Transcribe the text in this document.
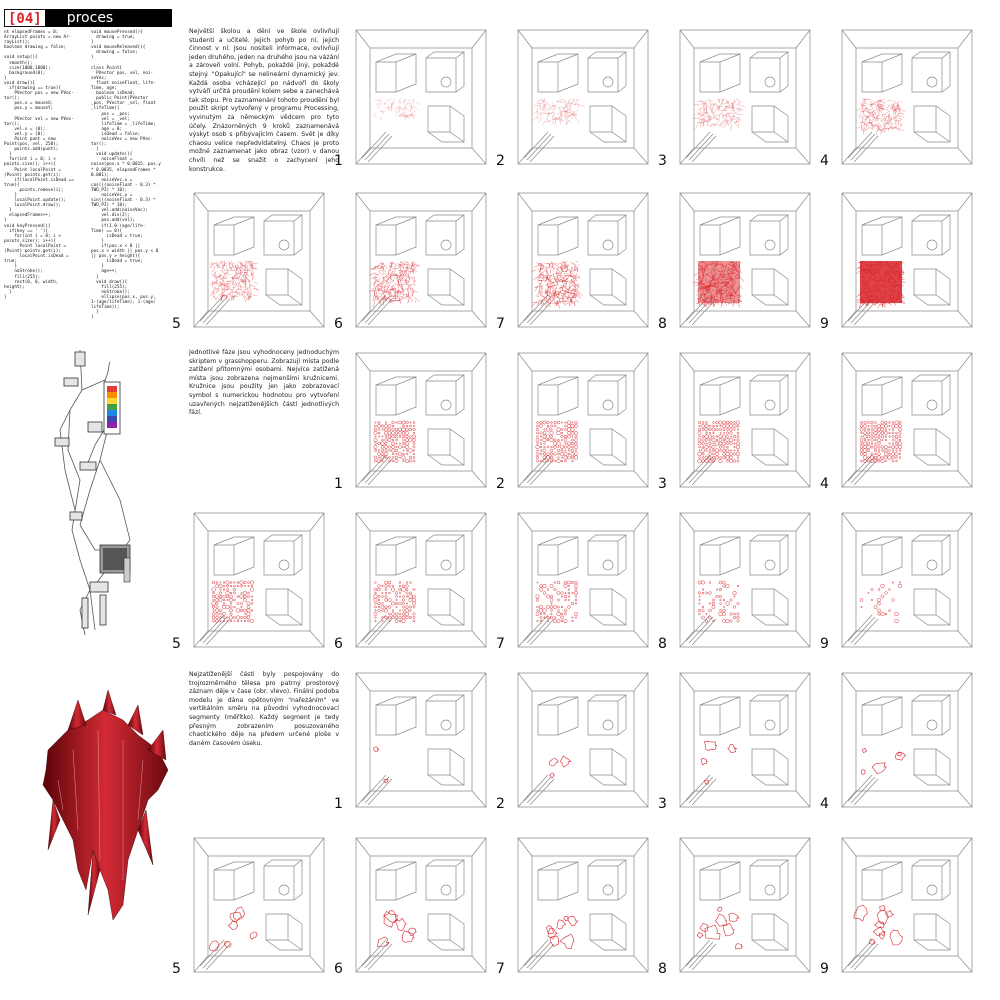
[04]	proces
nt elapsedFrames = 0;
ArrayList points = new Ar-
rayList();
boolean drawing = false;

void setup(){
smooth();
size(1000,1000);
background(0);
}
void draw(){
if(drawing == true){
PVector pos = new PVec-
tor();
pos.x = mouseX;
pos.y = mouseY;

PVector vel = new PVec-
tor();
vel.x = (0);
vel.y = (0);
Point punt = new
Point(pos, vel, 250);
points.add(punt);
}
for(int i = 0; i <
points.size(); i++){
Point localPoint =
(Point) points.get(i);
if(localPoint.isDead ==
true){
points.remove(i);
}
localPoint.update();
localPoint.draw();
}
elapsedFrames++;
}
void keyPressed(){
if(key == ' '){
for(int i = 0; i <
points.size(); i++){
Point localPoint =
(Point) points.get(i);
localPoint.isDead =
true;
}
noStroke();
fill(255);
rect(0, 0, width,
height);
}
}
void mousePressed(){
drawing = true;
}
void mouseReleased(){
drawing = false;
}

class Point{
PVector pos, vel, noi-
seVec;
float noiseFloat, life-
Time, age;
boolean isDead;
public Point(PVector
_pos, PVector _vel, float
_lifeTime){
pos = _pos;
vel = _vel;
lifeTime = _lifeTime;
age = 0;
isDead = false;
noiseVec = new PVec-
tor();
}
void update(){
noiseFloat =
noise(pos.x * 0.0015, pos.y
* 0.0035, elapsedFrames *
0.001);
noiseVec.x =
cos(((noiseFloat - 0.3) *
TWO_PI) * 10);
noiseVec.y =
sin(((noiseFloat - 0.3) *
TWO_PI) * 10);
vel.add(noiseVec);
vel.div(2);
pos.add(vel);
if(1.0-(age/life-
Time) == 0){
isDead = true;
}
if(pos.x < 0 ||
pos.x > width || pos.y < 0
|| pos.y > height){
isDead = true;
}
age++;
}
void draw(){
fill(255);
noStroke();
ellipse(pos.x, pos.y,
1-(age/lifeTime), 1-(age/
lifeTime));
}
}
Největší školou a dění ve škole ovlivňují studenti a učitelé. Jejich pohyb po ní, jejich činnost v ní. Jsou nositeli informace, ovlivňují jeden druhého, jeden na druhého jsou na vázání a zároveň volní. Pohyb, pokaždé jiný, pokaždé stejný. "Opakující" se nelineární dynamický jev. Každá osoba vcházející po nádvoří do školy vytváří určitá proudění kolem sebe a zanechává tak stopu. Pro zaznamenání tohoto proudění byl použit skript vytvořený v programu Processing, vyvinutým za německým vědcem pro tyto účely. Znázorněných 9 kroků zaznamenává výskyt osob s přibývajícím časem. Svět je díky chaosu velice nepředvídatelný. Chaos je proto možné zaznamenat jako obraz (vzor) v danou chvíli než se snažit o zachycení jeho konstrukce.
Jednotlivé fáze jsou vyhodnoceny jednoduchým skriptem v grasshopperu. Zobrazují místa podle zatížení přítomnými osobami. Nejvíce zatížená místa jsou zobrazena nejmenšími kružnicemi. Kružnice jsou použity jen jako zobrazovací symbol s numerickou hodnotou pro vytvoření uzavřených nejzatíženějších částí jednotlivých fází.
Nejzatíženější části byly pospojovány do trojrozměrného tělesa pro patrný prostorový záznam děje v čase (obr. vlevo). Finální podoba modelu je dána opětovným "nařezáním" ve vertikálním směru na původní vyhodnocovací segmenty (měřítko). Každý segment je tedy přesným zobrazením posuzovaného chaotického děje na předem určené ploše v daném časovém úseku.
1	2	3	4
5	6	7	8	9
1	2	3	4
5	6	7	8	9
1	2	3	4
5	6	7	8	9
